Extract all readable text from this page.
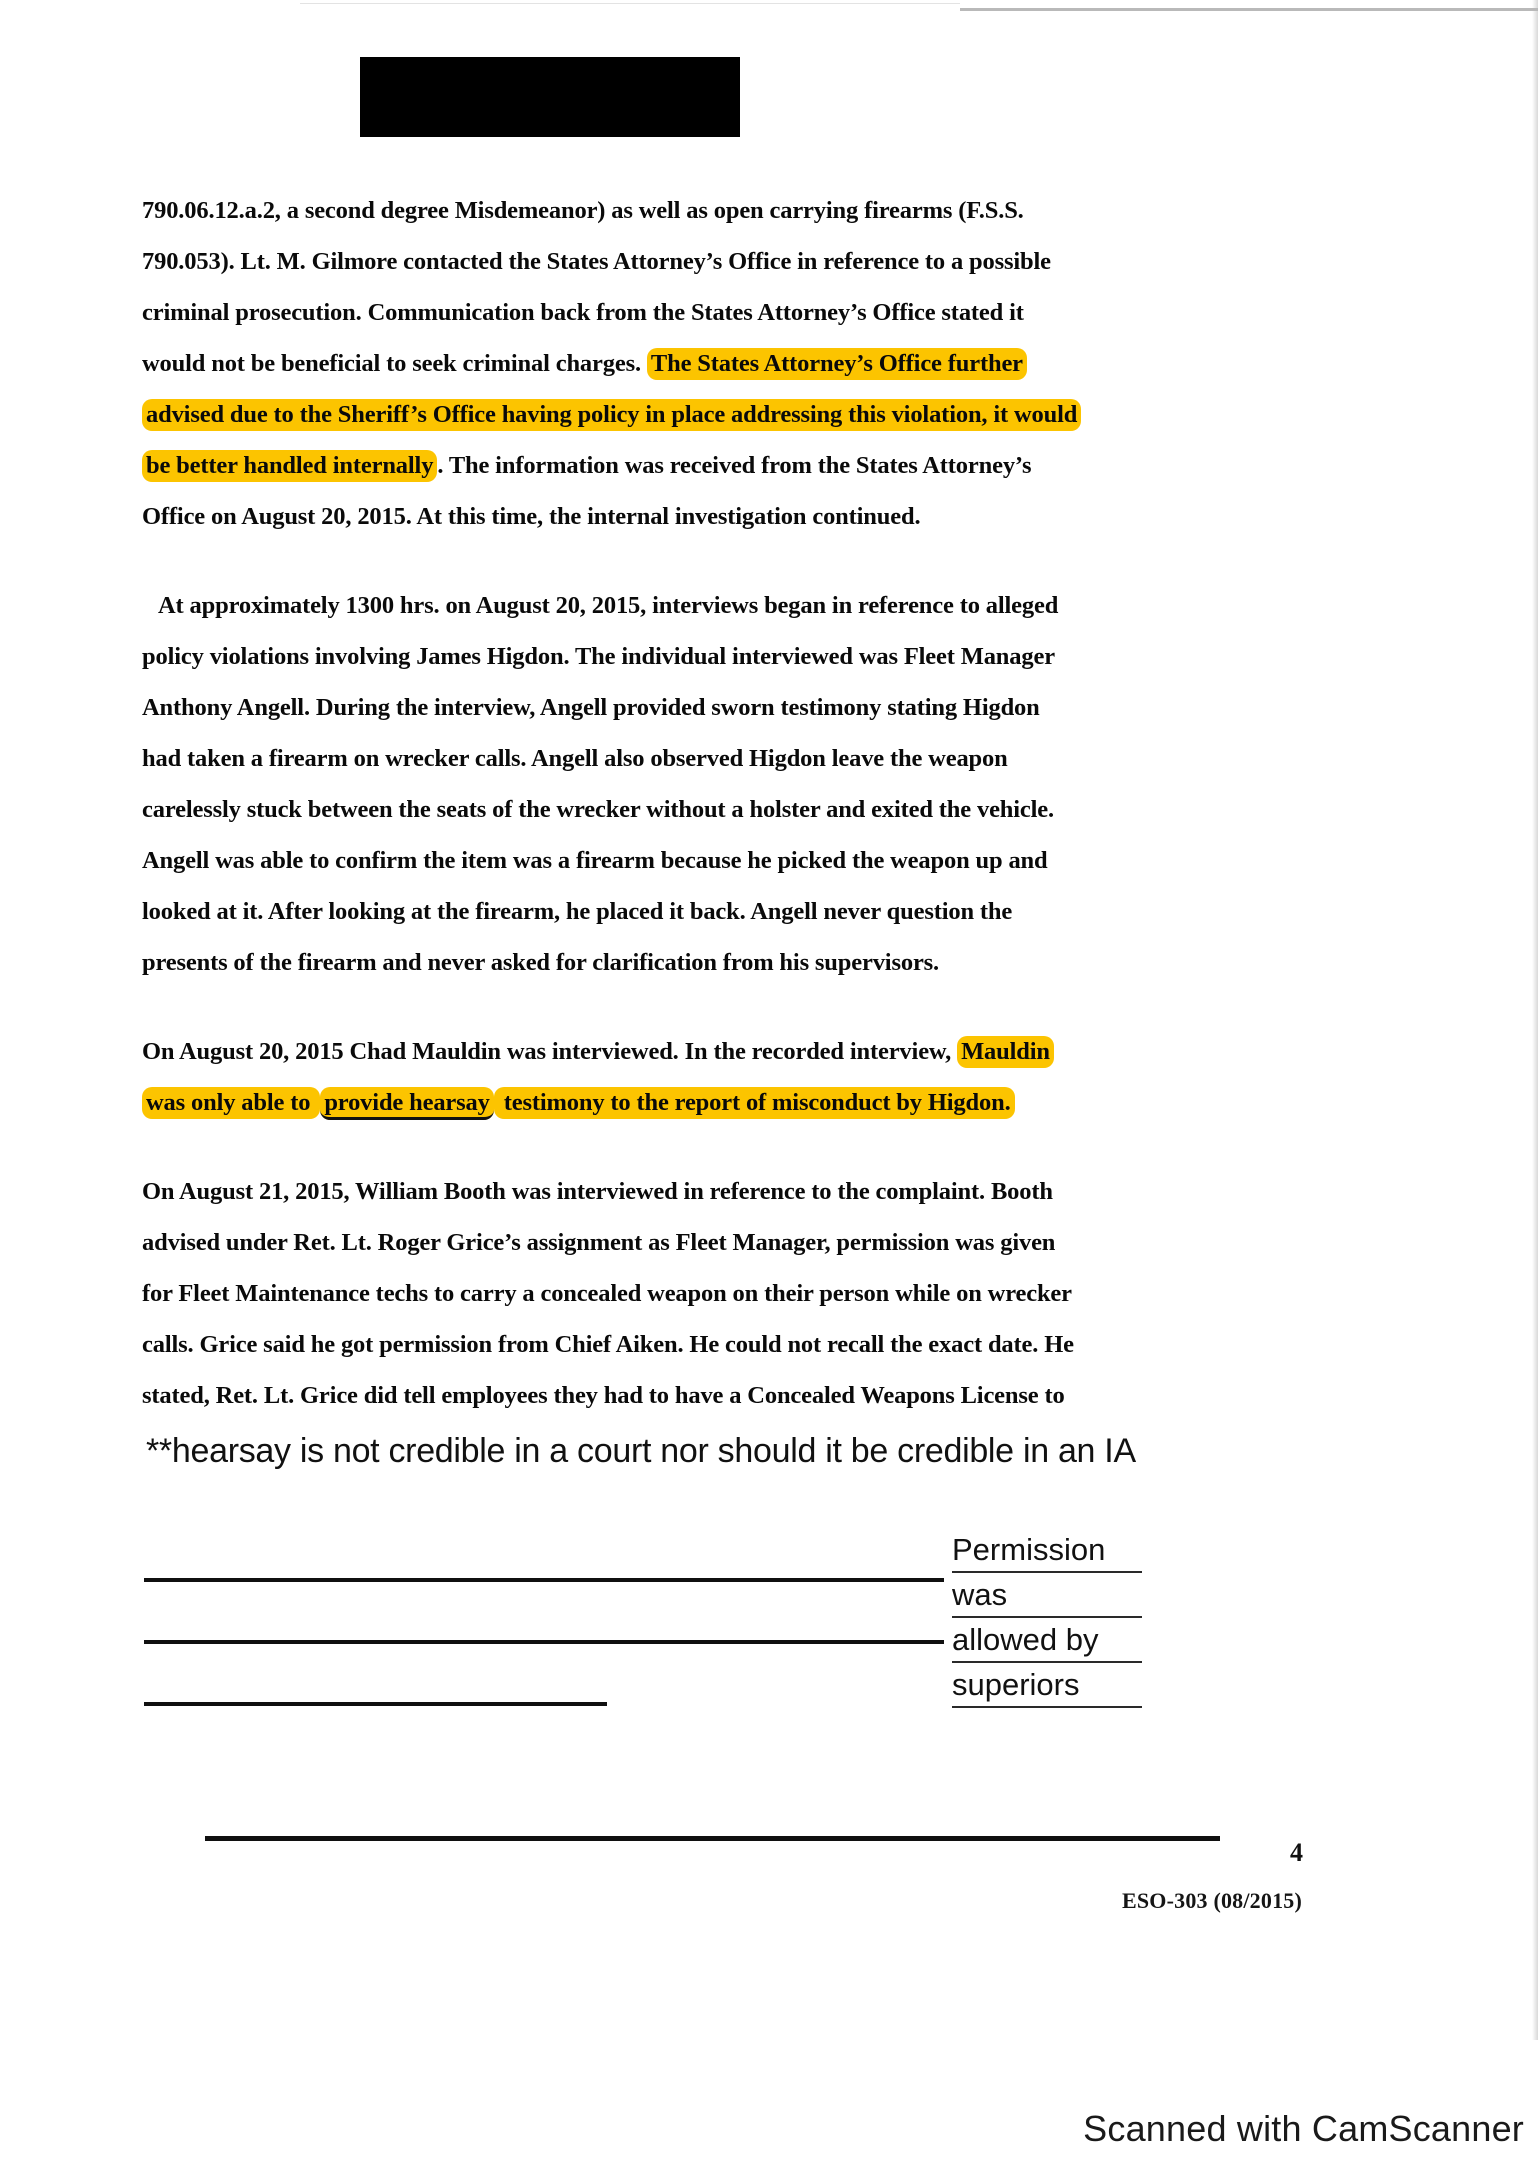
790.06.12.a.2, a second degree Misdemeanor) as well as open carrying firearms (F.S.S.
790.053). Lt. M. Gilmore contacted the States Attorney’s Office in reference to a possible
criminal prosecution. Communication back from the States Attorney’s Office stated it
would not be beneficial to seek criminal charges. The States Attorney’s Office further
advised due to the Sheriff’s Office having policy in place addressing this violation, it would
be better handled internally . The information was received from the States Attorney’s
Office on August 20, 2015. At this time, the internal investigation continued.
At approximately 1300 hrs. on August 20, 2015, interviews began in reference to alleged
policy violations involving James Higdon. The individual interviewed was Fleet Manager
Anthony Angell. During the interview, Angell provided sworn testimony stating Higdon
had taken a firearm on wrecker calls. Angell also observed Higdon leave the weapon
carelessly stuck between the seats of the wrecker without a holster and exited the vehicle.
Angell was able to confirm the item was a firearm because he picked the weapon up and
looked at it. After looking at the firearm, he placed it back. Angell never question the
presents of the firearm and never asked for clarification from his supervisors.
On August 20, 2015 Chad Mauldin was interviewed. In the recorded interview, Mauldin
was only able to provide hearsay testimony to the report of misconduct by Higdon.
On August 21, 2015, William Booth was interviewed in reference to the complaint. Booth
advised under Ret. Lt. Roger Grice’s assignment as Fleet Manager, permission was given
for Fleet Maintenance techs to carry a concealed weapon on their person while on wrecker
calls. Grice said he got permission from Chief Aiken. He could not recall the exact date. He
stated, Ret. Lt. Grice did tell employees they had to have a Concealed Weapons License to
**hearsay is not credible in a court nor should it be credible in an IA
Permission
was
allowed by
superiors
4
ESO-303 (08/2015)
Scanned with CamScanner
